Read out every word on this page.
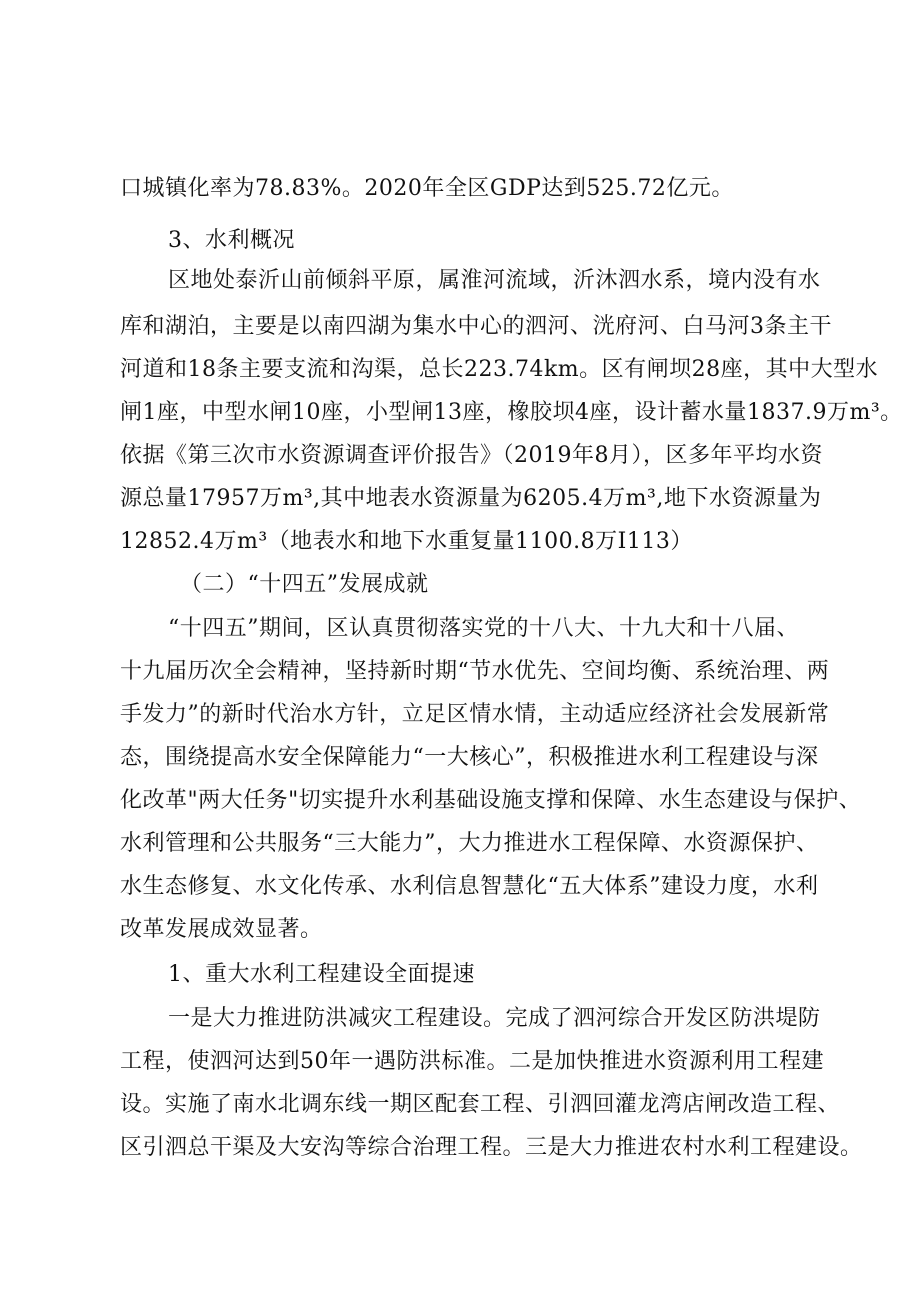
口城镇化率为78.83%。2020年全区GDP达到525.72亿元。
3、水利概况
区地处泰沂山前倾斜平原，属淮河流域，沂沐泗水系，境内没有水
库和湖泊，主要是以南四湖为集水中心的泗河、洸府河、白马河3条主干
河道和18条主要支流和沟渠，总长223.74km。区有闸坝28座，其中大型水
闸1座，中型水闸10座，小型闸13座，橡胶坝4座，设计蓄水量1837.9万m³。
依据《第三次市水资源调查评价报告》（2019年8月），区多年平均水资
源总量17957万m³,其中地表水资源量为6205.4万m³,地下水资源量为
12852.4万m³（地表水和地下水重复量1100.8万I113）
（二）“十四五”发展成就
“十四五”期间，区认真贯彻落实党的十八大、十九大和十八届、
十九届历次全会精神，坚持新时期“节水优先、空间均衡、系统治理、两
手发力”的新时代治水方针，立足区情水情，主动适应经济社会发展新常
态，围绕提高水安全保障能力“一大核心”，积极推进水利工程建设与深
化改革"两大任务"切实提升水利基础设施支撑和保障、水生态建设与保护、
水利管理和公共服务“三大能力”，大力推进水工程保障、水资源保护、
水生态修复、水文化传承、水利信息智慧化“五大体系”建设力度，水利
改革发展成效显著。
1、重大水利工程建设全面提速
一是大力推进防洪减灾工程建设。完成了泗河综合开发区防洪堤防
工程，使泗河达到50年一遇防洪标准。二是加快推进水资源利用工程建
设。实施了南水北调东线一期区配套工程、引泗回灌龙湾店闸改造工程、
区引泗总干渠及大安沟等综合治理工程。三是大力推进农村水利工程建设。
